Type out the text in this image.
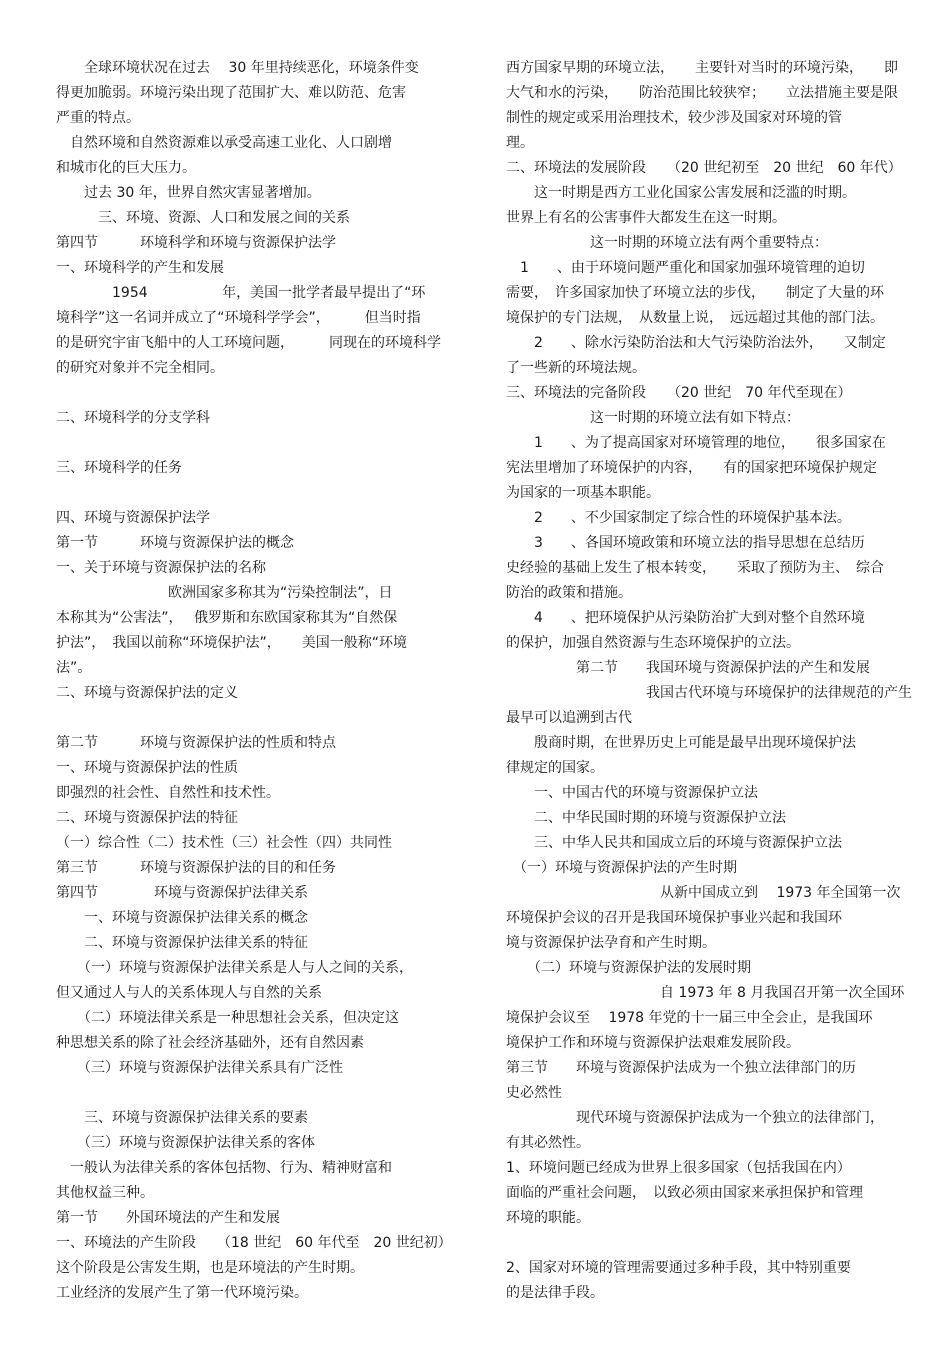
　　全球环境状况在过去　 30 年里持续恶化，环境条件变
得更加脆弱。环境污染出现了范围扩大、难以防范、危害
严重的特点。
　自然环境和自然资源难以承受高速工业化、人口剧增
和城市化的巨大压力。
　　过去 30 年，世界自然灾害显著增加。
　　　三、环境、资源、人口和发展之间的关系
第四节　　　环境科学和环境与资源保护法学
一、环境科学的产生和发展
　　　　1954　　　　　 年，美国一批学者最早提出了“环
境科学”这一名词并成立了“环境科学学会”，　　　但当时指
的是研究宇宙飞船中的人工环境问题，　　　同现在的环境科学
的研究对象并不完全相同。
二、环境科学的分支学科
三、环境科学的任务
四、环境与资源保护法学
第一节　　　环境与资源保护法的概念
一、关于环境与资源保护法的名称
　　　　　　　　欧洲国家多称其为“污染控制法”，日
本称其为“公害法”，　 俄罗斯和东欧国家称其为“自然保
护法”，　我国以前称“环境保护法”，　　美国一般称“环境
法”。
二、环境与资源保护法的定义
第二节　　　环境与资源保护法的性质和特点
一、环境与资源保护法的性质
即强烈的社会性、自然性和技术性。
二、环境与资源保护法的特征
（一）综合性（二）技术性（三）社会性（四）共同性
第三节　　　环境与资源保护法的目的和任务
第四节　　　　环境与资源保护法律关系
　　一、环境与资源保护法律关系的概念
　　二、环境与资源保护法律关系的特征
　　（一）环境与资源保护法律关系是人与人之间的关系，
但又通过人与人的关系体现人与自然的关系
　　（二）环境法律关系是一种思想社会关系，但决定这
种思想关系的除了社会经济基础外，还有自然因素
　　（三）环境与资源保护法律关系具有广泛性
　　三、环境与资源保护法律关系的要素
　　（三）环境与资源保护法律关系的客体
　一般认为法律关系的客体包括物、行为、精神财富和
其他权益三种。
第一节　　外国环境法的产生和发展
一、环境法的产生阶段　　（18 世纪　60 年代至　20 世纪初）
这个阶段是公害发生期，也是环境法的产生时期。
工业经济的发展产生了第一代环境污染。
西方国家早期的环境立法，　　主要针对当时的环境污染，　　即
大气和水的污染，　　防治范围比较狭窄；　　立法措施主要是限
制性的规定或采用治理技术，较少涉及国家对环境的管
理。
二、环境法的发展阶段　　（20 世纪初至　20 世纪　60 年代）
　　这一时期是西方工业化国家公害发展和泛滥的时期。
世界上有名的公害事件大都发生在这一时期。
　　　　　　这一时期的环境立法有两个重要特点：
　1　　、由于环境问题严重化和国家加强环境管理的迫切
需要，　许多国家加快了环境立法的步伐，　　制定了大量的环
境保护的专门法规，　从数量上说，　远远超过其他的部门法。
　　2　　、除水污染防治法和大气污染防治法外，　　又制定
了一些新的环境法规。
三、环境法的完备阶段　　（20 世纪　70 年代至现在）
　　　　　　这一时期的环境立法有如下特点：
　　1　　、为了提高国家对环境管理的地位，　　很多国家在
宪法里增加了环境保护的内容，　　有的国家把环境保护规定
为国家的一项基本职能。
　　2　　、不少国家制定了综合性的环境保护基本法。
　　3　　、各国环境政策和环境立法的指导思想在总结历
史经验的基础上发生了根本转变，　　采取了预防为主、　综合
防治的政策和措施。
　　4　　、把环境保护从污染防治扩大到对整个自然环境
的保护，加强自然资源与生态环境保护的立法。
　　　　　第二节　　我国环境与资源保护法的产生和发展
　　　　　　　　　　我国古代环境与环境保护的法律规范的产生
最早可以追溯到古代
　　殷商时期，在世界历史上可能是最早出现环境保护法
律规定的国家。
　　一、中国古代的环境与资源保护立法
　　二、中华民国时期的环境与资源保护立法
　　三、中华人民共和国成立后的环境与资源保护立法
　（一）环境与资源保护法的产生时期
　　　　　　　　　　　从新中国成立到　 1973 年全国第一次
环境保护会议的召开是我国环境保护事业兴起和我国环
境与资源保护法孕育和产生时期。
　　（二）环境与资源保护法的发展时期
　　　　　　　　　　　自 1973 年 8 月我国召开第一次全国环
境保护会议至　 1978 年党的十一届三中全会止，是我国环
境保护工作和环境与资源保护法艰难发展阶段。
第三节　　环境与资源保护法成为一个独立法律部门的历
史必然性
　　　　　现代环境与资源保护法成为一个独立的法律部门，
有其必然性。
1、环境问题已经成为世界上很多国家（包括我国在内）
面临的严重社会问题，　以致必须由国家来承担保护和管理
环境的职能。
2、国家对环境的管理需要通过多种手段，其中特别重要
的是法律手段。
